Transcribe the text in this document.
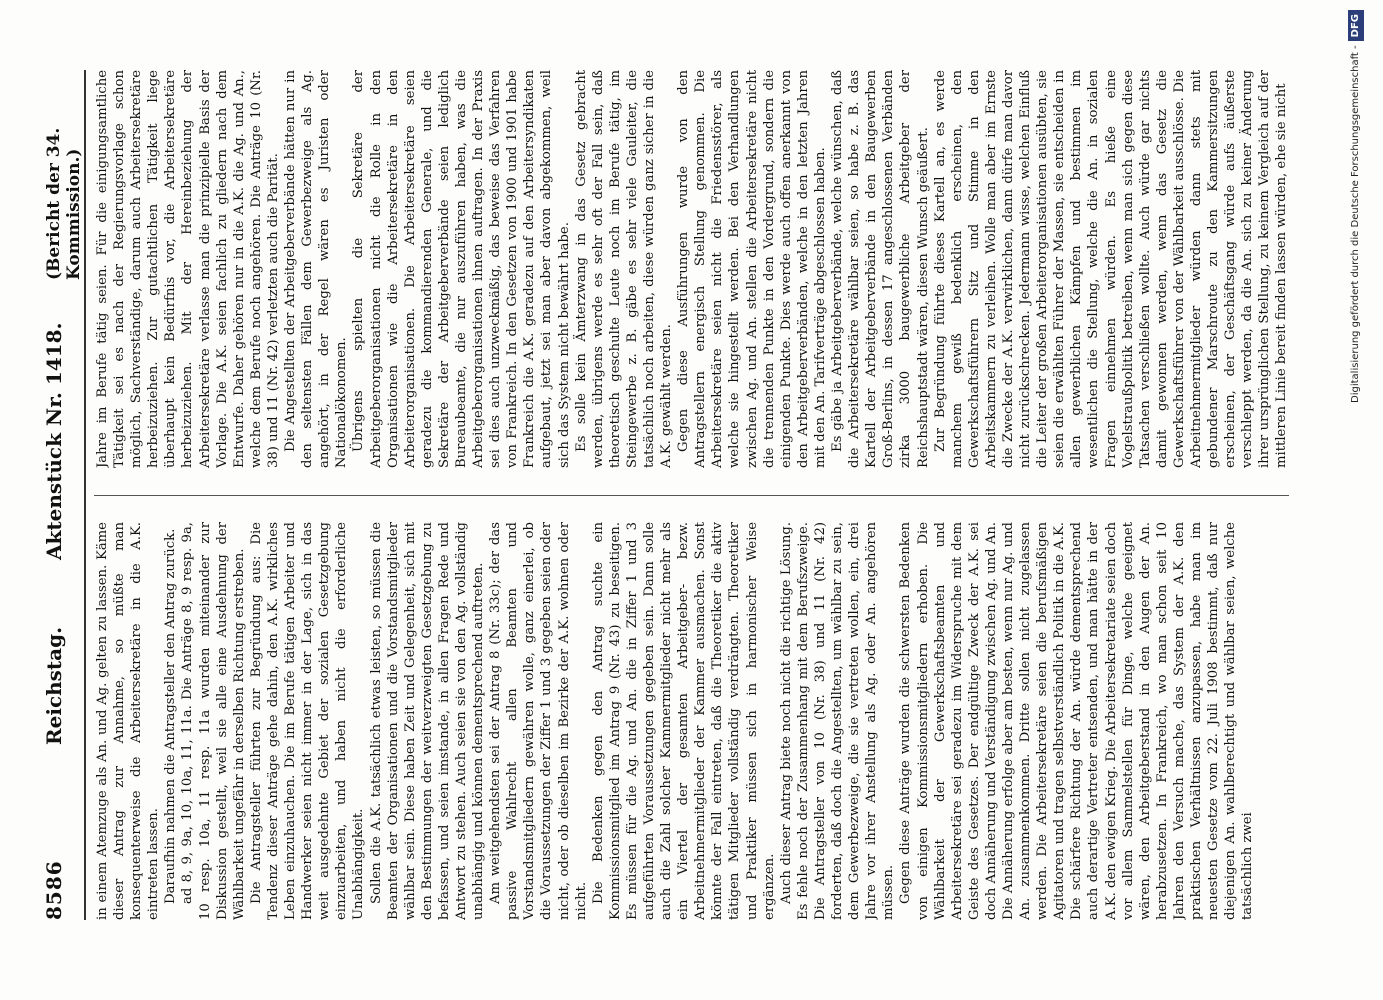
8586
Reichstag.
Aktenstück Nr. 1418.
(Bericht der 34. Kommission.)

in einem Atemzuge als An. und Ag. gelten zu lassen. Käme dieser Antrag zur Annahme, so müßte man konsequenterweise die Arbeitersekretäre in die A.K. eintreten lassen. Daraufhin nahmen die Antragsteller den Antrag zurück. ad 8, 9, 9a, 10, 10a, 11, 11a. Die Anträge 8, 9 resp. 9a, 10 resp. 10a, 11 resp. 11a wurden miteinander zur Diskussion gestellt, weil sie alle eine Ausdehnung der Wählbarkeit ungefähr in derselben Richtung erstreben. Die Antragsteller führten zur Begründung aus: Die Tendenz dieser Anträge gehe dahin, den A.K. wirkliches Leben einzuhauchen. Die im Berufe tätigen Arbeiter und Handwerker seien nicht immer in der Lage, sich in das weit ausgedehnte Gebiet der sozialen Gesetzgebung einzuarbeiten, und haben nicht die erforderliche Unabhängigkeit. Sollen die A.K. tatsächlich etwas leisten, so müssen die Beamten der Organisationen und die Vorstandsmitglieder wählbar sein. Diese haben Zeit und Gelegenheit, sich mit den Bestimmungen der weitverzweigten Gesetzgebung zu befassen, und seien imstande, in allen Fragen Rede und Antwort zu stehen. Auch seien sie von den Ag. vollständig unabhängig und können dementsprechend auftreten. Am weitgehendsten sei der Antrag 8 (Nr. 33c); der das passive Wahlrecht allen Beamten und Vorstandsmitgliedern gewähren wolle, ganz einerlei, ob die Voraussetzungen der Ziffer 1 und 3 gegeben seien oder nicht, oder ob dieselben im Bezirke der A.K. wohnen oder nicht. Die Bedenken gegen den Antrag suchte ein Kommissionsmitglied im Antrag 9 (Nr. 43) zu beseitigen. Es müssen für die Ag. und An. die in Ziffer 1 und 3 aufgeführten Voraussetzungen gegeben sein. Dann solle auch die Zahl solcher Kammermitglieder nicht mehr als ein Viertel der gesamten Arbeitgeber- bezw. Arbeitnehmermitglieder der Kammer ausmachen. Sonst könnte der Fall eintreten, daß die Theoretiker die aktiv tätigen Mitglieder vollständig verdrängten. Theoretiker und Praktiker müssen sich in harmonischer Weise ergänzen. Auch dieser Antrag biete noch nicht die richtige Lösung. Es fehle noch der Zusammenhang mit dem Berufszweige. Die Antragsteller von 10 (Nr. 38) und 11 (Nr. 42) forderten, daß doch die Angestellten, um wählbar zu sein, dem Gewerbezweige, die sie vertreten wollen, ein, drei Jahre vor ihrer Anstellung als Ag. oder An. angehören müssen. Gegen diese Anträge wurden die schwersten Bedenken von einigen Kommissionsmitgliedern erhoben. Die Wählbarkeit der Gewerkschaftsbeamten und Arbeitersekretäre sei geradezu im Widerspruche mit dem Geiste des Gesetzes. Der endgültige Zweck der A.K. sei doch Annäherung und Verständigung zwischen Ag. und An. Die Annäherung erfolge aber am besten, wenn nur Ag. und An. zusammenkommen. Dritte sollen nicht zugelassen werden. Die Arbeitersekretäre seien die berufsmäßigen Agitatoren und tragen selbstverständlich Politik in die A.K. Die schärfere Richtung der An. würde dementsprechend auch derartige Vertreter entsenden, und man hätte in der A.K. den ewigen Krieg. Die Arbeitersekretariate seien doch vor allem Sammelstellen für Dinge, welche geeignet wären, den Arbeitgeberstand in den Augen der An. herabzusetzen. In Frankreich, wo man schon seit 10 Jahren den Versuch mache, das System der A.K. den praktischen Verhältnissen anzupassen, habe man im neuesten Gesetze vom 22. Juli 1908 bestimmt, daß nur diejenigen An. wahlberechtigt und wählbar seien, welche tatsächlich zwei

Jahre im Berufe tätig seien. Für die einigungsamtliche Tätigkeit sei es nach der Regierungsvorlage schon möglich, Sachverständige, darum auch Arbeitersekretäre herbeizuziehen. Zur gutachtlichen Tätigkeit liege überhaupt kein Bedürfnis vor, die Arbeitersekretäre herbeizuziehen. Mit der Hereinbeziehung der Arbeitersekretäre verlasse man die prinzipielle Basis der Vorlage. Die A.K. seien fachlich zu gliedern nach dem Entwurfe. Daher gehören nur in die A.K. die Ag. und An., welche dem Berufe noch angehören. Die Anträge 10 (Nr. 38) und 11 (Nr. 42) verletzten auch die Parität. Die Angestellten der Arbeitgeberverbände hätten nur in den seltensten Fällen dem Gewerbezweige als Ag. angehört, in der Regel wären es Juristen oder Nationalökonomen. Übrigens spielten die Sekretäre der Arbeitgeberorganisationen nicht die Rolle in den Organisationen wie die Arbeitersekretäre in den Arbeiterorganisationen. Die Arbeitersekretäre seien geradezu die kommandierenden Generale, und die Sekretäre der Arbeitgeberverbände seien lediglich Bureaubeamte, die nur auszuführen haben, was die Arbeitgeberorganisationen ihnen auftragen. In der Praxis sei dies auch unzweckmäßig, das beweise das Verfahren von Frankreich. In den Gesetzen von 1900 und 1901 habe Frankreich die A.K. geradezu auf den Arbeitersyndikaten aufgebaut, jetzt sei man aber davon abgekommen, weil sich das System nicht bewährt habe. Es solle kein Ämterzwang in das Gesetz gebracht werden, übrigens werde es sehr oft der Fall sein, daß theoretisch geschulte Leute noch im Berufe tätig, im Steingewerbe z. B. gäbe es sehr viele Gauleiter, die tatsächlich noch arbeiten, diese würden ganz sicher in die A.K. gewählt werden. Gegen diese Ausführungen wurde von den Antragstellern energisch Stellung genommen. Die Arbeitersekretäre seien nicht die Friedensstörer, als welche sie hingestellt werden. Bei den Verhandlungen zwischen Ag. und An. stellen die Arbeitersekretäre nicht die trennenden Punkte in den Vordergrund, sondern die einigenden Punkte. Dies werde auch offen anerkannt von den Arbeitgeberverbänden, welche in den letzten Jahren mit den An. Tarifverträge abgeschlossen haben. Es gäbe ja Arbeitgeberverbände, welche wünschen, daß die Arbeitersekretäre wählbar seien, so habe z. B. das Kartell der Arbeitgeberverbände in den Baugewerben Groß-Berlins, in dessen 17 angeschlossenen Verbänden zirka 3000 baugewerbliche Arbeitgeber der Reichshauptstadt wären, diesen Wunsch geäußert. Zur Begründung führte dieses Kartell an, es werde manchem gewiß bedenklich erscheinen, den Gewerkschaftsführern Sitz und Stimme in den Arbeitskammern zu verleihen. Wolle man aber im Ernste die Zwecke der A.K. verwirklichen, dann dürfe man davor nicht zurückschrecken. Jedermann wisse, welchen Einfluß die Leiter der großen Arbeiterorganisationen ausübten, sie seien die erwählten Führer der Massen, sie entscheiden in allen gewerblichen Kämpfen und bestimmen im wesentlichen die Stellung, welche die An. in sozialen Fragen einnehmen würden. Es hieße eine Vogelstraußpolitik betreiben, wenn man sich gegen diese Tatsachen verschließen wollte. Auch würde gar nichts damit gewonnen werden, wenn das Gesetz die Gewerkschaftsführer von der Wählbarkeit ausschlösse. Die Arbeitnehmermitglieder würden dann stets mit gebundener Marschroute zu den Kammersitzungen erscheinen, der Geschäftsgang würde aufs äußerste verschleppt werden, da die An. sich zu keiner Änderung ihrer ursprünglichen Stellung, zu keinem Vergleich auf der mittleren Linie bereit finden lassen würden, ehe sie nicht	Digitalisierung gefördert durch die Deutsche Forschungsgemeinschaft -DFG
